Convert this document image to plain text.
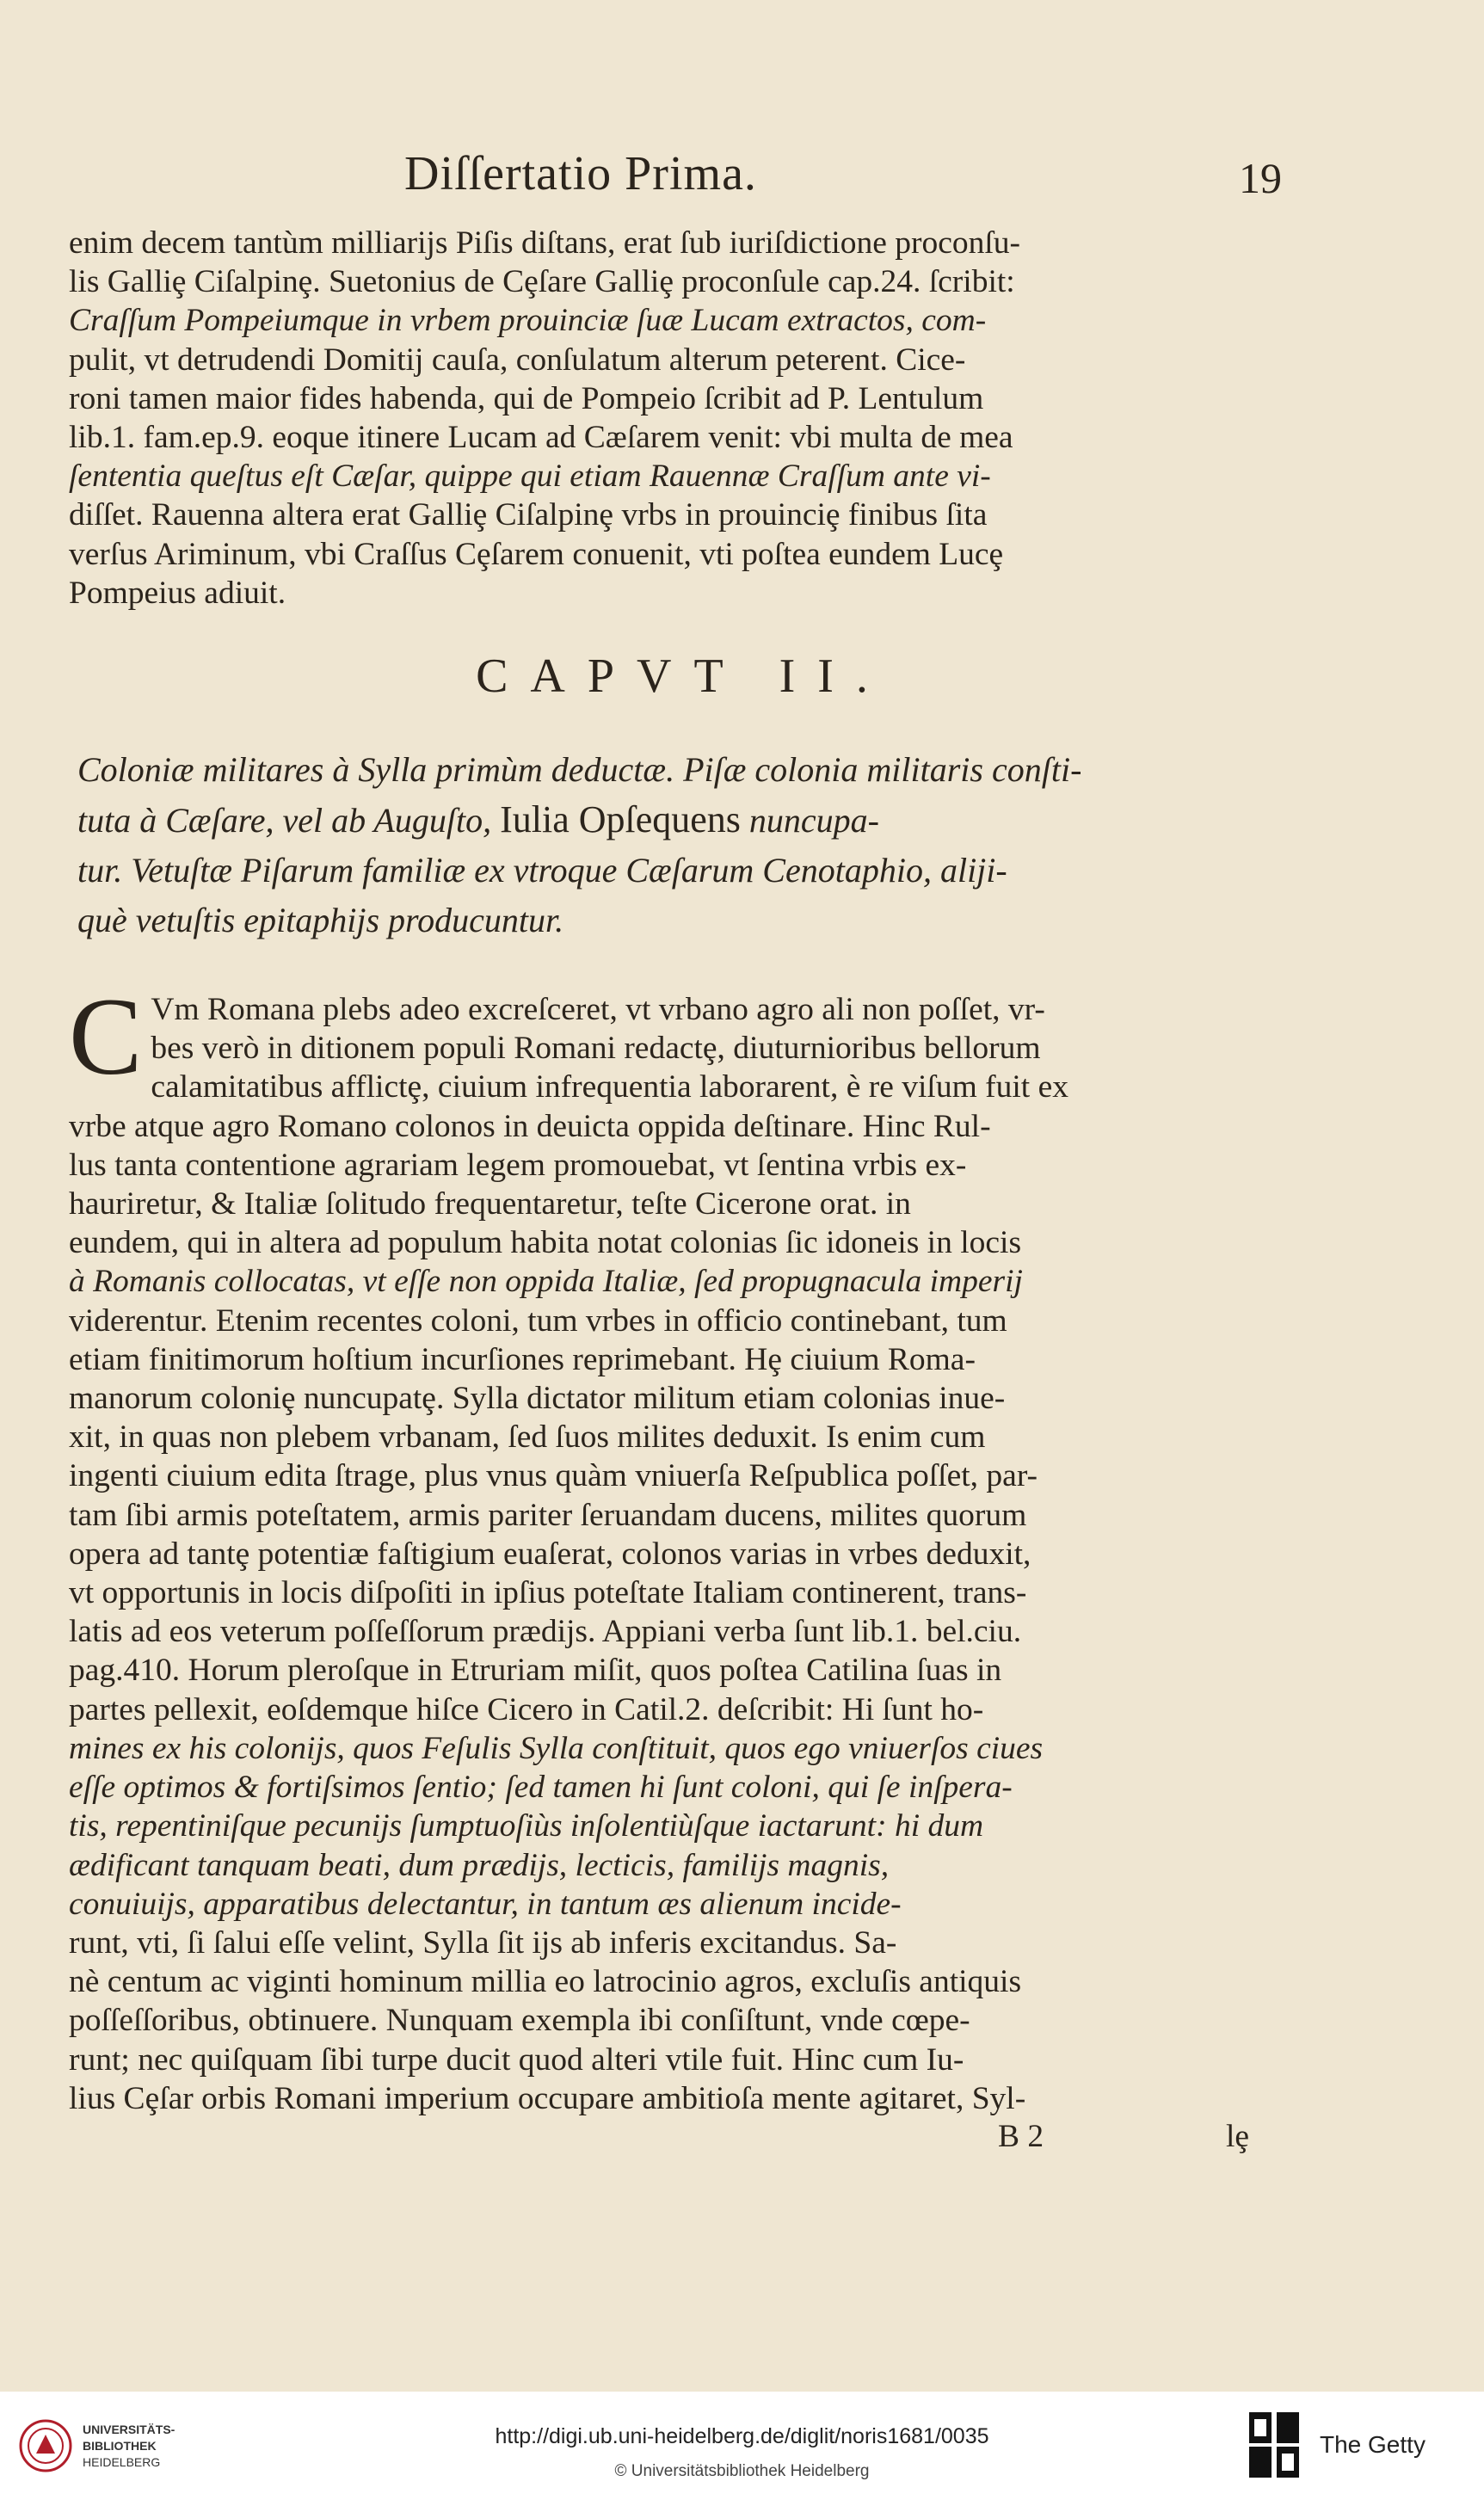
Diſſertatio Prima.	19

enim decem tantùm milliarijs Piſis diſtans, erat ſub iuriſdictione proconſu-

lis Galliȩ Ciſalpinȩ. Suetonius de Cȩſare Galliȩ proconſule cap.24. ſcribit:

Craſſum Pompeiumque in vrbem prouinciæ ſuæ Lucam extractos, com-

pulit, vt detrudendi Domitij cauſa, conſulatum alterum peterent. Cice-

roni tamen maior fides habenda, qui de Pompeio ſcribit ad P. Lentulum

lib.1. fam.ep.9. eoque itinere Lucam ad Cæſarem venit: vbi multa de mea

ſententia queſtus eſt Cæſar, quippe qui etiam Rauennæ Craſſum ante vi-

diſſet. Rauenna altera erat Galliȩ Ciſalpinȩ vrbs in prouinciȩ finibus ſita

verſus Ariminum, vbi Craſſus Cȩſarem conuenit, vti poſtea eundem Lucȩ

Pompeius adiuit.

CAPVT II.

Coloniæ militares à Sylla primùm deductæ. Piſæ colonia militaris conſti-

tuta à Cæſare, vel ab Auguſto, Iulia Opſequens nuncupa-

tur. Vetuſtæ Piſarum familiæ ex vtroque Cæſarum Cenotaphio, aliji-

què vetuſtis epitaphijs producuntur.

C Vm Romana plebs adeo excreſceret, vt vrbano agro ali non poſſet, vr-

bes verò in ditionem populi Romani redactȩ, diuturnioribus bellorum

calamitatibus afflictȩ, ciuium infrequentia laborarent, è re viſum fuit ex

vrbe atque agro Romano colonos in deuicta oppida deſtinare. Hinc Rul-

lus tanta contentione agrariam legem promouebat, vt ſentina vrbis ex-

hauriretur, & Italiæ ſolitudo frequentaretur, teſte Cicerone orat. in

eundem, qui in altera ad populum habita notat colonias ſic idoneis in locis

à Romanis collocatas, vt eſſe non oppida Italiæ, ſed propugnacula imperij

viderentur. Etenim recentes coloni, tum vrbes in officio continebant, tum

etiam finitimorum hoſtium incurſiones reprimebant. Hȩ ciuium Roma-

manorum coloniȩ nuncupatȩ. Sylla dictator militum etiam colonias inue-

xit, in quas non plebem vrbanam, ſed ſuos milites deduxit. Is enim cum

ingenti ciuium edita ſtrage, plus vnus quàm vniuerſa Reſpublica poſſet, par-

tam ſibi armis poteſtatem, armis pariter ſeruandam ducens, milites quorum

opera ad tantȩ potentiæ faſtigium euaſerat, colonos varias in vrbes deduxit,

vt opportunis in locis diſpoſiti in ipſius poteſtate Italiam continerent, trans-

latis ad eos veterum poſſeſſorum prædijs. Appiani verba ſunt lib.1. bel.ciu.

pag.410. Horum pleroſque in Etruriam miſit, quos poſtea Catilina ſuas in

partes pellexit, eoſdemque hiſce Cicero in Catil.2. deſcribit: Hi ſunt ho-

mines ex his colonijs, quos Feſulis Sylla conſtituit, quos ego vniuerſos ciues

eſſe optimos & fortiſsimos ſentio; ſed tamen hi ſunt coloni, qui ſe inſpera-

tis, repentiniſque pecunijs ſumptuoſiùs inſolentiùſque iactarunt: hi dum

ædificant tanquam beati, dum prædijs, lecticis, familijs magnis,

conuiuijs, apparatibus delectantur, in tantum æs alienum incide-

runt, vti, ſi ſalui eſſe velint, Sylla ſit ijs ab inferis excitandus. Sa-

nè centum ac viginti hominum millia eo latrocinio agros, excluſis antiquis

poſſeſſoribus, obtinuere. Nunquam exempla ibi conſiſtunt, vnde cœpe-

runt; nec quiſquam ſibi turpe ducit quod alteri vtile fuit. Hinc cum Iu-

lius Cȩſar orbis Romani imperium occupare ambitioſa mente agitaret, Syl-

B 2	lȩ
UNIVERSITÄTS-
BIBLIOTHEK
HEIDELBERG
http://digi.ub.uni-heidelberg.de/diglit/noris1681/0035
© Universitätsbibliothek Heidelberg
The Getty
